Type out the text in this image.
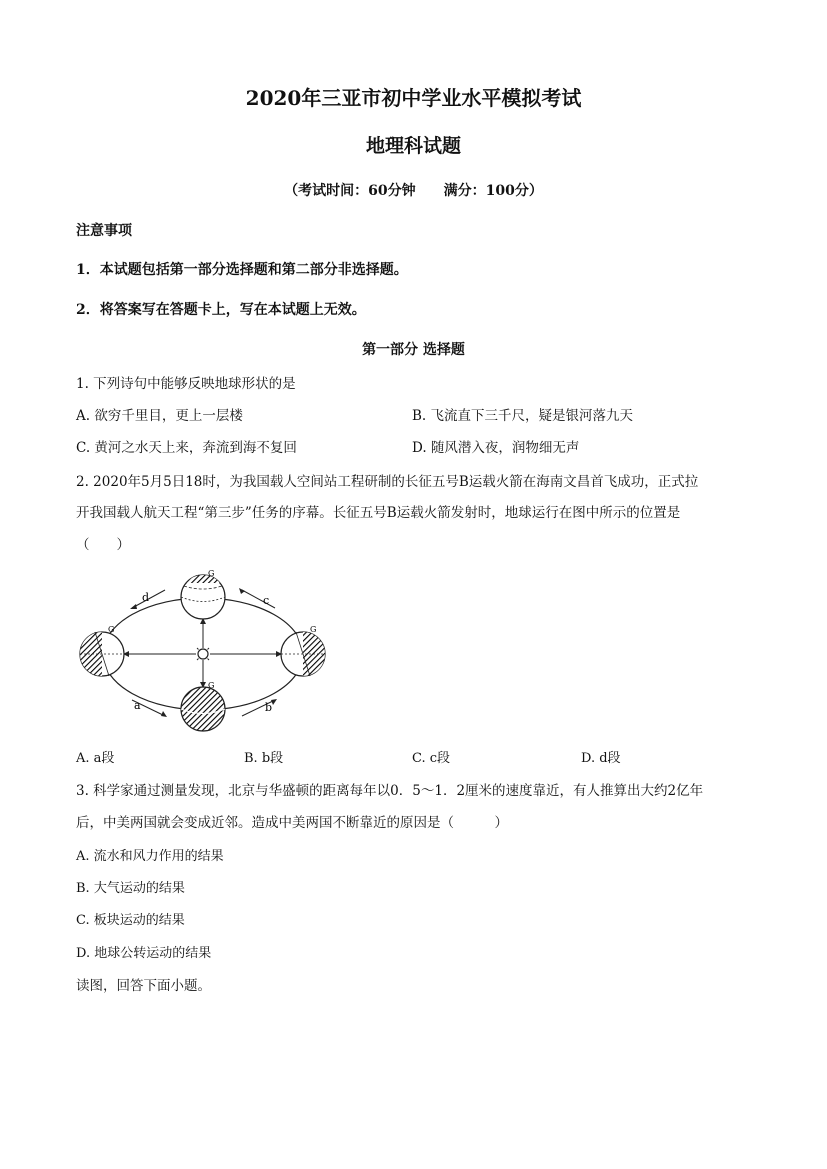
2020年三亚市初中学业水平模拟考试
地理科试题
（考试时间：60分钟　　满分：100分）
注意事项
1．本试题包括第一部分选择题和第二部分非选择题。
2．将答案写在答题卡上，写在本试题上无效。
第一部分 选择题
1. 下列诗句中能够反映地球形状的是
A. 欲穷千里目，更上一层楼	B. 飞流直下三千尺，疑是银河落九天
C. 黄河之水天上来，奔流到海不复回	D. 随风潜入夜，润物细无声
2. 2020年5月5日18时，为我国载人空间站工程研制的长征五号B运载火箭在海南文昌首飞成功，正式拉
开我国载人航天工程“第三步”任务的序幕。长征五号B运载火箭发射时，地球运行在图中所示的位置是
（　　）
G	G
G
G
d	c
a	b
A. a段	B. b段	C. c段	D. d段
3. 科学家通过测量发现，北京与华盛顿的距离每年以0．5～1．2厘米的速度靠近，有人推算出大约2亿年
后，中美两国就会变成近邻。造成中美两国不断靠近的原因是（　　　）
A. 流水和风力作用的结果
B. 大气运动的结果
C. 板块运动的结果
D. 地球公转运动的结果
读图，回答下面小题。
